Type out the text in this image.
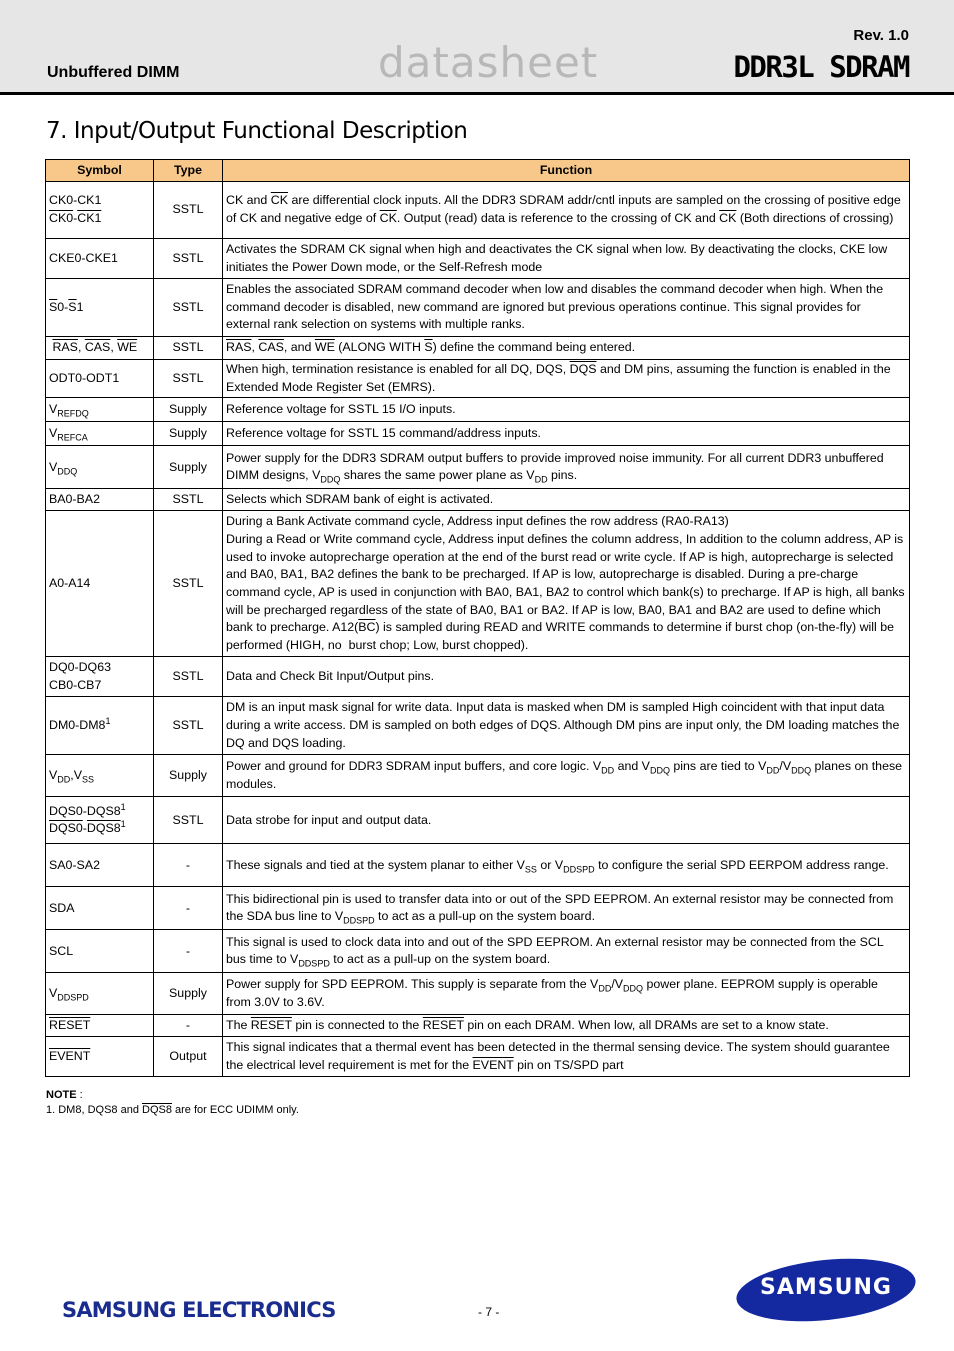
Rev. 1.0
Unbuffered DIMM	datasheet	DDR3L SDRAM
7. Input/Output Functional Description
Symbol	Type	Function
CK0-CK1
CK0-CK1	SSTL	CK and $\overline{CK}$ are differential clock inputs. All the DDR3 SDRAM addr/cntl inputs are sampled on the crossing of positive edge of CK and negative edge of $\overline{CK}$. Output (read) data is reference to the crossing of CK and $\overline{CK}$ (Both directions of crossing)
CKE0-CKE1	SSTL	Activates the SDRAM CK signal when high and deactivates the CK signal when low. By deactivating the clocks, CKE low initiates the Power Down mode, or the Self-Refresh mode
$\overline{S}0-\overline{S}1$	SSTL	Enables the associated SDRAM command decoder when low and disables the command decoder when high. When the command decoder is disabled, new command are ignored but previous operations continue. This signal provides for external rank selection on systems with multiple ranks.
$\overline{RAS}$, $\overline{CAS}$, $\overline{WE}$	SSTL	$\overline{RAS}$, $\overline{CAS}$, and $\overline{WE}$ (ALONG WITH $\overline{S}$) define the command being entered.
ODT0-ODT1	SSTL	When high, termination resistance is enabled for all DQ, DQS, $\overline{DQS}$ and DM pins, assuming the function is enabled in the Extended Mode Register Set (EMRS).
$V_{REFDQ}$	Supply	Reference voltage for SSTL 15 I/O inputs.
$V_{REFCA}$	Supply	Reference voltage for SSTL 15 command/address inputs.
$V_{DDQ}$	Supply	Power supply for the DDR3 SDRAM output buffers to provide improved noise immunity. For all current DDR3 unbuffered DIMM designs, $V_{DDQ}$ shares the same power plane as $V_{DD}$ pins.
BA0-BA2	SSTL	Selects which SDRAM bank of eight is activated.
A0-A14	SSTL	During a Bank Activate command cycle, Address input defines the row address (RA0-RA13)
During a Read or Write command cycle, Address input defines the column address, In addition to the column address, AP is used to invoke autoprecharge operation at the end of the burst read or write cycle. If AP is high, autoprecharge is selected and BA0, BA1, BA2 defines the bank to be precharged. If AP is low, autoprecharge is disabled. During a pre-charge command cycle, AP is used in conjunction with BA0, BA1, BA2 to control which bank(s) to precharge. If AP is high, all banks will be precharged regardless of the state of BA0, BA1 or BA2. If AP is low, BA0, BA1 and BA2 are used to define which bank to precharge. $A12(\overline{BC})$ is sampled during READ and WRITE commands to determine if burst chop (on-the-fly) will be performed (HIGH, no  burst chop; Low, burst chopped).
DQ0-DQ63
CB0-CB7	SSTL	Data and Check Bit Input/Output pins.
$DM0-DM8^1$	SSTL	DM is an input mask signal for write data. Input data is masked when DM is sampled High coincident with that input data during a write access. DM is sampled on both edges of DQS. Although DM pins are input only, the DM loading matches the DQ and DQS loading.
$V_{DD},V_{SS}$	Supply	Power and ground for DDR3 SDRAM input buffers, and core logic. $V_{DD}$ and $V_{DDQ}$ pins are tied to $V_{DD}/V_{DDQ}$ planes on these modules.
$DQS0-DQS8^1$
$DQS0-DQS8^1$	SSTL	Data strobe for input and output data.
SA0-SA2	-	These signals and tied at the system planar to either $V_{SS}$ or $V_{DDSPD}$ to configure the serial SPD EERPOM address range.
SDA	-	This bidirectional pin is used to transfer data into or out of the SPD EEPROM. An external resistor may be connected from the SDA bus line to $V_{DDSPD}$ to act as a pull-up on the system board.
SCL	-	This signal is used to clock data into and out of the SPD EEPROM. An external resistor may be connected from the SCL bus time to $V_{DDSPD}$ to act as a pull-up on the system board.
$V_{DDSPD}$	Supply	Power supply for SPD EEPROM. This supply is separate from the $V_{DD}/V_{DDQ}$ power plane. EEPROM supply is operable from 3.0V to 3.6V.
RESET	-	The RESET pin is connected to the RESET pin on each DRAM. When low, all DRAMs are set to a know state.
EVENT	Output	This signal indicates that a thermal event has been detected in the thermal sensing device. The system should guarantee the electrical level requirement is met for the EVENT pin on TS/SPD part
NOTE :
1. DM8, DQS8 and DQS8 are for ECC UDIMM only.
SAMSUNG ELECTRONICS	- 7 -
SAMSUNG
